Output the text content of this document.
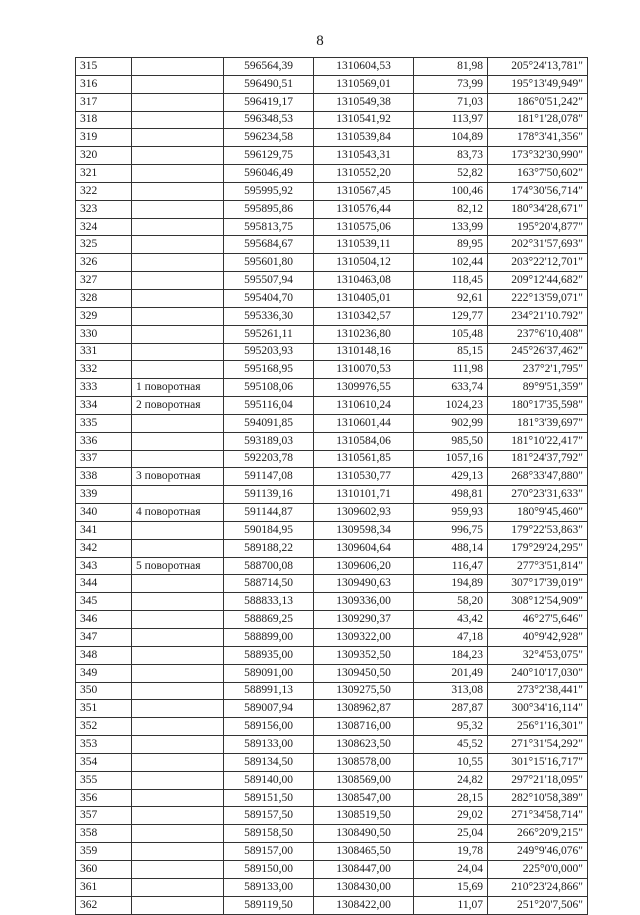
8
315		596564,39	1310604,53	81,98	205°24'13,781"
316		596490,51	1310569,01	73,99	195°13'49,949"
317		596419,17	1310549,38	71,03	186°0'51,242"
318		596348,53	1310541,92	113,97	181°1'28,078"
319		596234,58	1310539,84	104,89	178°3'41,356"
320		596129,75	1310543,31	83,73	173°32'30,990"
321		596046,49	1310552,20	52,82	163°7'50,602"
322		595995,92	1310567,45	100,46	174°30'56,714"
323		595895,86	1310576,44	82,12	180°34'28,671"
324		595813,75	1310575,06	133,99	195°20'4,877"
325		595684,67	1310539,11	89,95	202°31'57,693"
326		595601,80	1310504,12	102,44	203°22'12,701"
327		595507,94	1310463,08	118,45	209°12'44,682"
328		595404,70	1310405,01	92,61	222°13'59,071"
329		595336,30	1310342,57	129,77	234°21'10.792"
330		595261,11	1310236,80	105,48	237°6'10,408"
331		595203,93	1310148,16	85,15	245°26'37,462"
332		595168,95	1310070,53	111,98	237°2'1,795"
333	1 поворотная	595108,06	1309976,55	633,74	89°9'51,359"
334	2 поворотная	595116,04	1310610,24	1024,23	180°17'35,598"
335		594091,85	1310601,44	902,99	181°3'39,697"
336		593189,03	1310584,06	985,50	181°10'22,417"
337		592203,78	1310561,85	1057,16	181°24'37,792"
338	3 поворотная	591147,08	1310530,77	429,13	268°33'47,880"
339		591139,16	1310101,71	498,81	270°23'31,633"
340	4 поворотная	591144,87	1309602,93	959,93	180°9'45,460"
341		590184,95	1309598,34	996,75	179°22'53,863"
342		589188,22	1309604,64	488,14	179°29'24,295"
343	5 поворотная	588700,08	1309606,20	116,47	277°3'51,814"
344		588714,50	1309490,63	194,89	307°17'39,019"
345		588833,13	1309336,00	58,20	308°12'54,909"
346		588869,25	1309290,37	43,42	46°27'5,646"
347		588899,00	1309322,00	47,18	40°9'42,928"
348		588935,00	1309352,50	184,23	32°4'53,075"
349		589091,00	1309450,50	201,49	240°10'17,030"
350		588991,13	1309275,50	313,08	273°2'38,441"
351		589007,94	1308962,87	287,87	300°34'16,114"
352		589156,00	1308716,00	95,32	256°1'16,301"
353		589133,00	1308623,50	45,52	271°31'54,292"
354		589134,50	1308578,00	10,55	301°15'16,717"
355		589140,00	1308569,00	24,82	297°21'18,095"
356		589151,50	1308547,00	28,15	282°10'58,389"
357		589157,50	1308519,50	29,02	271°34'58,714"
358		589158,50	1308490,50	25,04	266°20'9,215"
359		589157,00	1308465,50	19,78	249°9'46,076"
360		589150,00	1308447,00	24,04	225°0'0,000"
361		589133,00	1308430,00	15,69	210°23'24,866"
362		589119,50	1308422,00	11,07	251°20'7,506"
